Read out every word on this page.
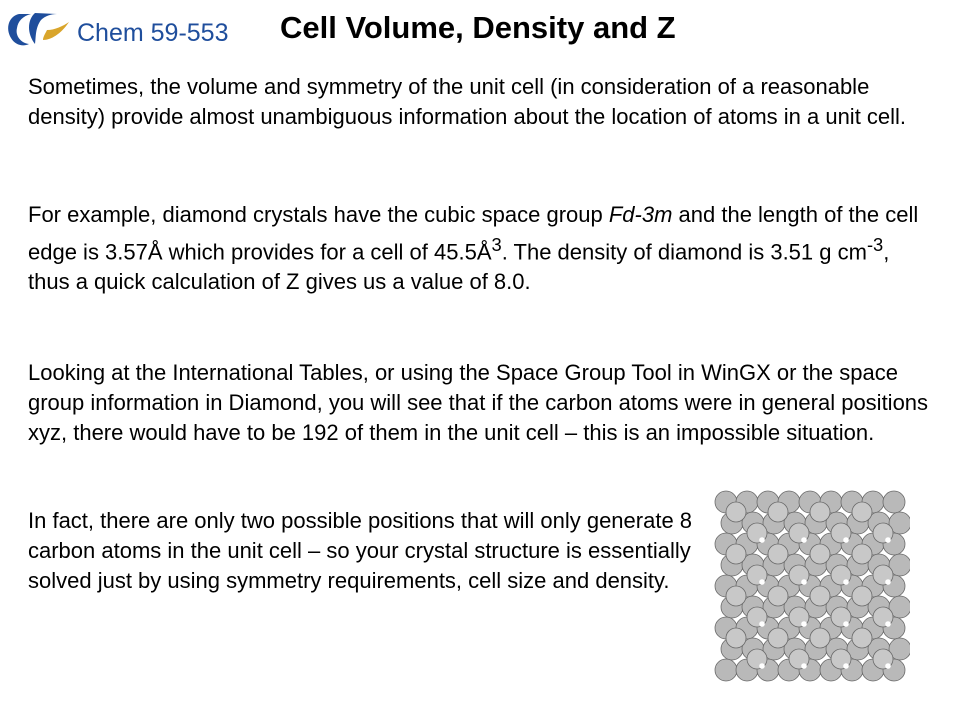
Chem 59-553 Cell Volume, Density and Z

Sometimes, the volume and symmetry of the unit cell (in consideration of a reasonable density) provide almost unambiguous information about the location of atoms in a unit cell.

For example, diamond crystals have the cubic space group Fd-3m and the length of the cell edge is 3.57Å which provides for a cell of $45.5Å^3$. The density of diamond is 3.51 g $cm^{-3}$, thus a quick calculation of Z gives us a value of 8.0.

Looking at the International Tables, or using the Space Group Tool in WinGX or the space group information in Diamond, you will see that if the carbon atoms were in general positions xyz, there would have to be 192 of them in the unit cell – this is an impossible situation.

In fact, there are only two possible positions that will only generate 8 carbon atoms in the unit cell – so your crystal structure is essentially solved just by using symmetry requirements, cell size and density.
